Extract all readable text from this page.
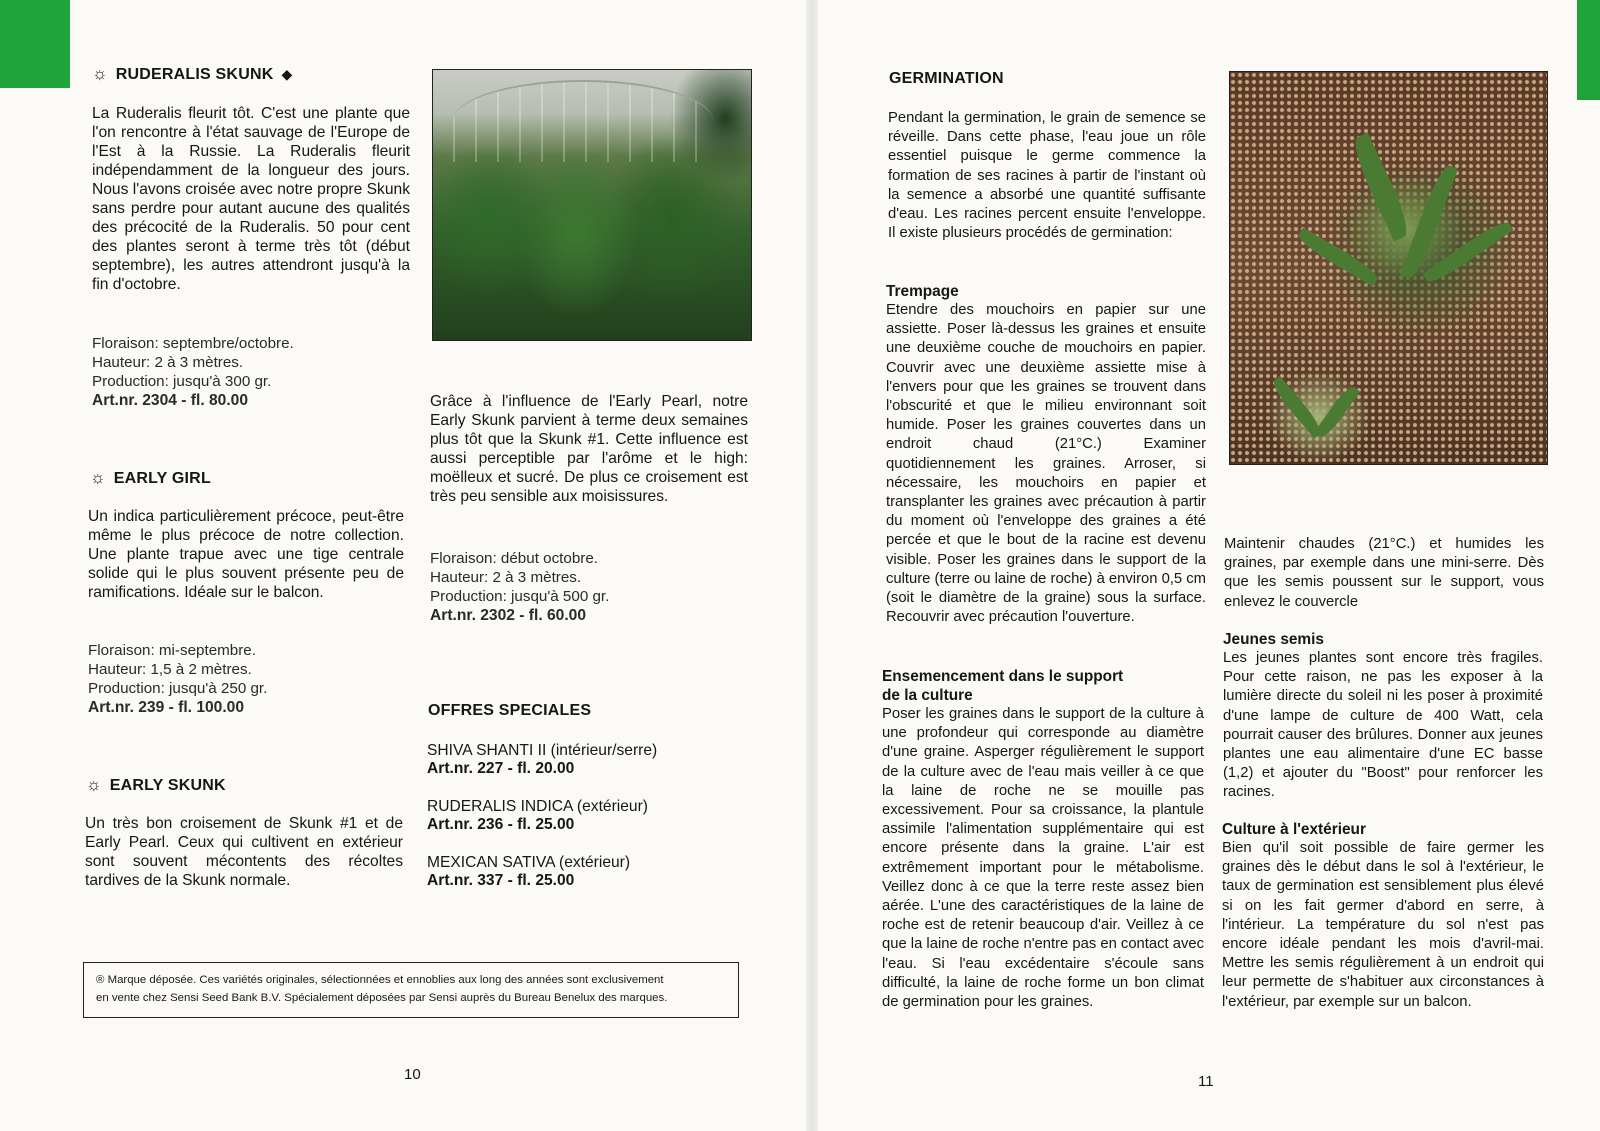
☼ RUDERALIS SKUNK ◆

La Ruderalis fleurit tôt. C'est une plante que l'on rencontre à l'état sauvage de l'Europe de l'Est à la Russie. La Ruderalis fleurit indépendamment de la longueur des jours. Nous l'avons croisée avec notre propre Skunk sans perdre pour autant aucune des qualités des précocité de la Ruderalis. 50 pour cent des plantes seront à terme très tôt (début septembre), les autres attendront jusqu'à la fin d'octobre.

Floraison: septembre/octobre.
Hauteur: 2 à 3 mètres.
Production: jusqu'à 300 gr.
Art.nr. 2304 - fl. 80.00
☼ EARLY GIRL

Un indica particulièrement précoce, peut-être même le plus précoce de notre collection. Une plante trapue avec une tige centrale solide qui le plus souvent présente peu de ramifications. Idéale sur le balcon.

Floraison: mi-septembre.
Hauteur: 1,5 à 2 mètres.
Production: jusqu'à 250 gr.
Art.nr. 239 - fl. 100.00
☼ EARLY SKUNK

Un très bon croisement de Skunk #1 et de Early Pearl. Ceux qui cultivent en extérieur sont souvent mécontents des récoltes tardives de la Skunk normale.

Grâce à l'influence de l'Early Pearl, notre Early Skunk parvient à terme deux semaines plus tôt que la Skunk #1. Cette influence est aussi perceptible par l'arôme et le high: moëlleux et sucré. De plus ce croisement est très peu sensible aux moisissures.

Floraison: début octobre.
Hauteur: 2 à 3 mètres.
Production: jusqu'à 500 gr.
Art.nr. 2302 - fl. 60.00
OFFRES SPECIALES
SHIVA SHANTI II (intérieur/serre)
Art.nr. 227 - fl. 20.00
RUDERALIS INDICA (extérieur)
Art.nr. 236 - fl. 25.00
MEXICAN SATIVA (extérieur)
Art.nr. 337 - fl. 25.00
® Marque déposée. Ces variétés originales, sélectionnées et ennoblies aux long des années sont exclusivement
en vente chez Sensi Seed Bank B.V. Spécialement déposées par Sensi auprès du Bureau Benelux des marques.
10
GERMINATION

Pendant la germination, le grain de semence se réveille. Dans cette phase, l'eau joue un rôle essentiel puisque le germe commence la formation de ses racines à partir de l'instant où la semence a absorbé une quantité suffisante d'eau. Les racines percent ensuite l'enveloppe. Il existe plusieurs procédés de germination:

Trempage

Etendre des mouchoirs en papier sur une assiette. Poser là-dessus les graines et ensuite une deuxième couche de mouchoirs en papier. Couvrir avec une deuxième assiette mise à l'envers pour que les graines se trouvent dans l'obscurité et que le milieu environnant soit humide. Poser les graines couvertes dans un endroit chaud (21°C.) Examiner quotidiennement les graines. Arroser, si nécessaire, les mouchoirs en papier et transplanter les graines avec précaution à partir du moment où l'enveloppe des graines a été percée et que le bout de la racine est devenu visible. Poser les graines dans le support de la culture (terre ou laine de roche) à environ 0,5 cm (soit le diamètre de la graine) sous la surface. Recouvrir avec précaution l'ouverture.

Ensemencement dans le support

de la culture

Poser les graines dans le support de la culture à une profondeur qui corresponde au diamètre d'une graine. Asperger régulièrement le support de la culture avec de l'eau mais veiller à ce que la laine de roche ne se mouille pas excessivement. Pour sa croissance, la plantule assimile l'alimentation supplémentaire qui est encore présente dans la graine. L'air est extrêmement important pour le métabolisme. Veillez donc à ce que la terre reste assez bien aérée. L'une des caractéristiques de la laine de roche est de retenir beaucoup d'air. Veillez à ce que la laine de roche n'entre pas en contact avec l'eau. Si l'eau excédentaire s'écoule sans difficulté, la laine de roche forme un bon climat de germination pour les graines.

Maintenir chaudes (21°C.) et humides les graines, par exemple dans une mini-serre. Dès que les semis poussent sur le support, vous enlevez le couvercle

Jeunes semis

Les jeunes plantes sont encore très fragiles. Pour cette raison, ne pas les exposer à la lumière directe du soleil ni les poser à proximité d'une lampe de culture de 400 Watt, cela pourrait causer des brûlures. Donner aux jeunes plantes une eau alimentaire d'une EC basse (1,2) et ajouter du "Boost" pour renforcer les racines.

Culture à l'extérieur

Bien qu'il soit possible de faire germer les graines dès le début dans le sol à l'extérieur, le taux de germination est sensiblement plus élevé si on les fait germer d'abord en serre, à l'intérieur. La température du sol n'est pas encore idéale pendant les mois d'avril-mai. Mettre les semis régulièrement à un endroit qui leur permette de s'habituer aux circonstances à l'extérieur, par exemple sur un balcon.

11
